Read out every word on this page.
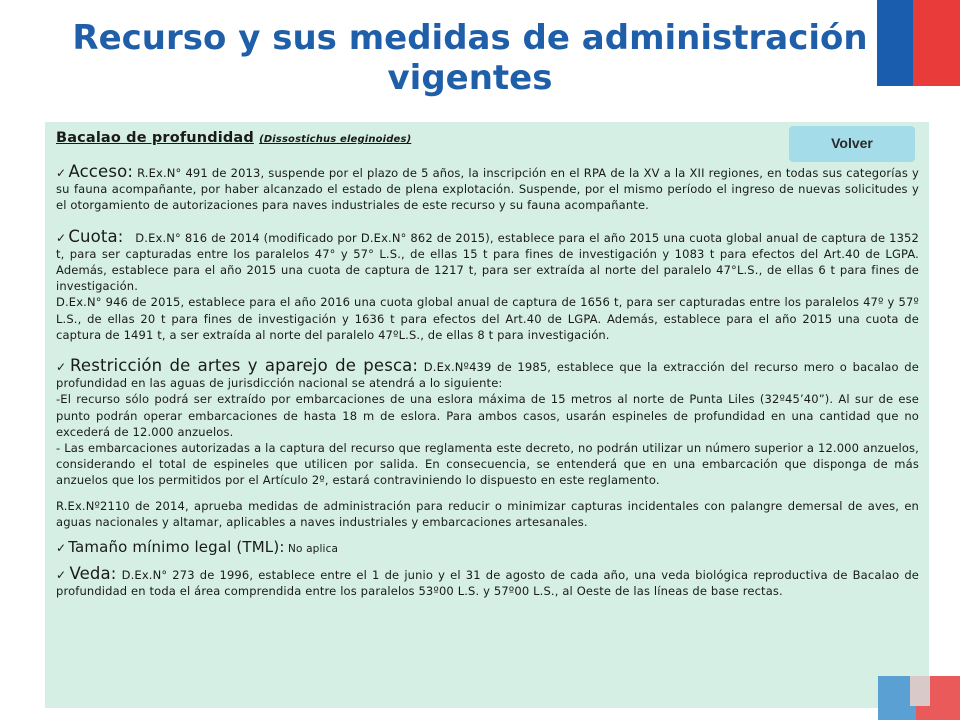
Recurso y sus medidas de administración vigentes

Bacalao de profundidad (Dissostichus eleginoides)

✓ Acceso: R.Ex.N° 491 de 2013, suspende por el plazo de 5 años, la inscripción en el RPA de la XV a la XII regiones, en todas sus categorías y su fauna acompañante, por haber alcanzado el estado de plena explotación. Suspende, por el mismo período el ingreso de nuevas solicitudes y el otorgamiento de autorizaciones para naves industriales de este recurso y su fauna acompañante.

✓ Cuota:   D.Ex.N° 816 de 2014 (modificado por D.Ex.N° 862 de 2015), establece para el año 2015 una cuota global anual de captura de 1352 t, para ser capturadas entre los paralelos 47° y 57° L.S., de ellas 15 t para fines de investigación y 1083 t para efectos del Art.40 de LGPA. Además, establece para el año 2015 una cuota de captura de 1217 t, para ser extraída al norte del paralelo 47°L.S., de ellas 6 t para fines de investigación.

D.Ex.N° 946 de 2015, establece para el año 2016 una cuota global anual de captura de 1656 t, para ser capturadas entre los paralelos 47º y 57º L.S., de ellas 20 t para fines de investigación y 1636 t para efectos del Art.40 de LGPA. Además, establece para el año 2015 una cuota de captura de 1491 t, a ser extraída al norte del paralelo 47ºL.S., de ellas 8 t para investigación.

✓ Restricción de artes y aparejo de pesca: D.Ex.Nº439 de 1985, establece que la extracción del recurso mero o bacalao de profundidad en las aguas de jurisdicción nacional se atendrá a lo siguiente:

-El recurso sólo podrá ser extraído por embarcaciones de una eslora máxima de 15 metros al norte de Punta Liles (32º45’40”). Al sur de ese punto podrán operar embarcaciones de hasta 18 m de eslora. Para ambos casos, usarán espineles de profundidad en una cantidad que no excederá de 12.000 anzuelos.

- Las embarcaciones autorizadas a la captura del recurso que reglamenta este decreto, no podrán utilizar un número superior a 12.000 anzuelos, considerando el total de espineles que utilicen por salida. En consecuencia, se entenderá que en una embarcación que disponga de más anzuelos que los permitidos por el Artículo 2º, estará contraviniendo lo dispuesto en este reglamento.

R.Ex.Nº2110 de 2014, aprueba medidas de administración para reducir o minimizar capturas incidentales con palangre demersal de aves, en aguas nacionales y altamar, aplicables a naves industriales y embarcaciones artesanales.

✓ Tamaño mínimo legal (TML): No aplica

✓ Veda: D.Ex.N° 273 de 1996, establece entre el 1 de junio y el 31 de agosto de cada año, una veda biológica reproductiva de Bacalao de profundidad en toda el área comprendida entre los paralelos 53º00 L.S. y 57º00 L.S., al Oeste de las líneas de base rectas.

Volver
